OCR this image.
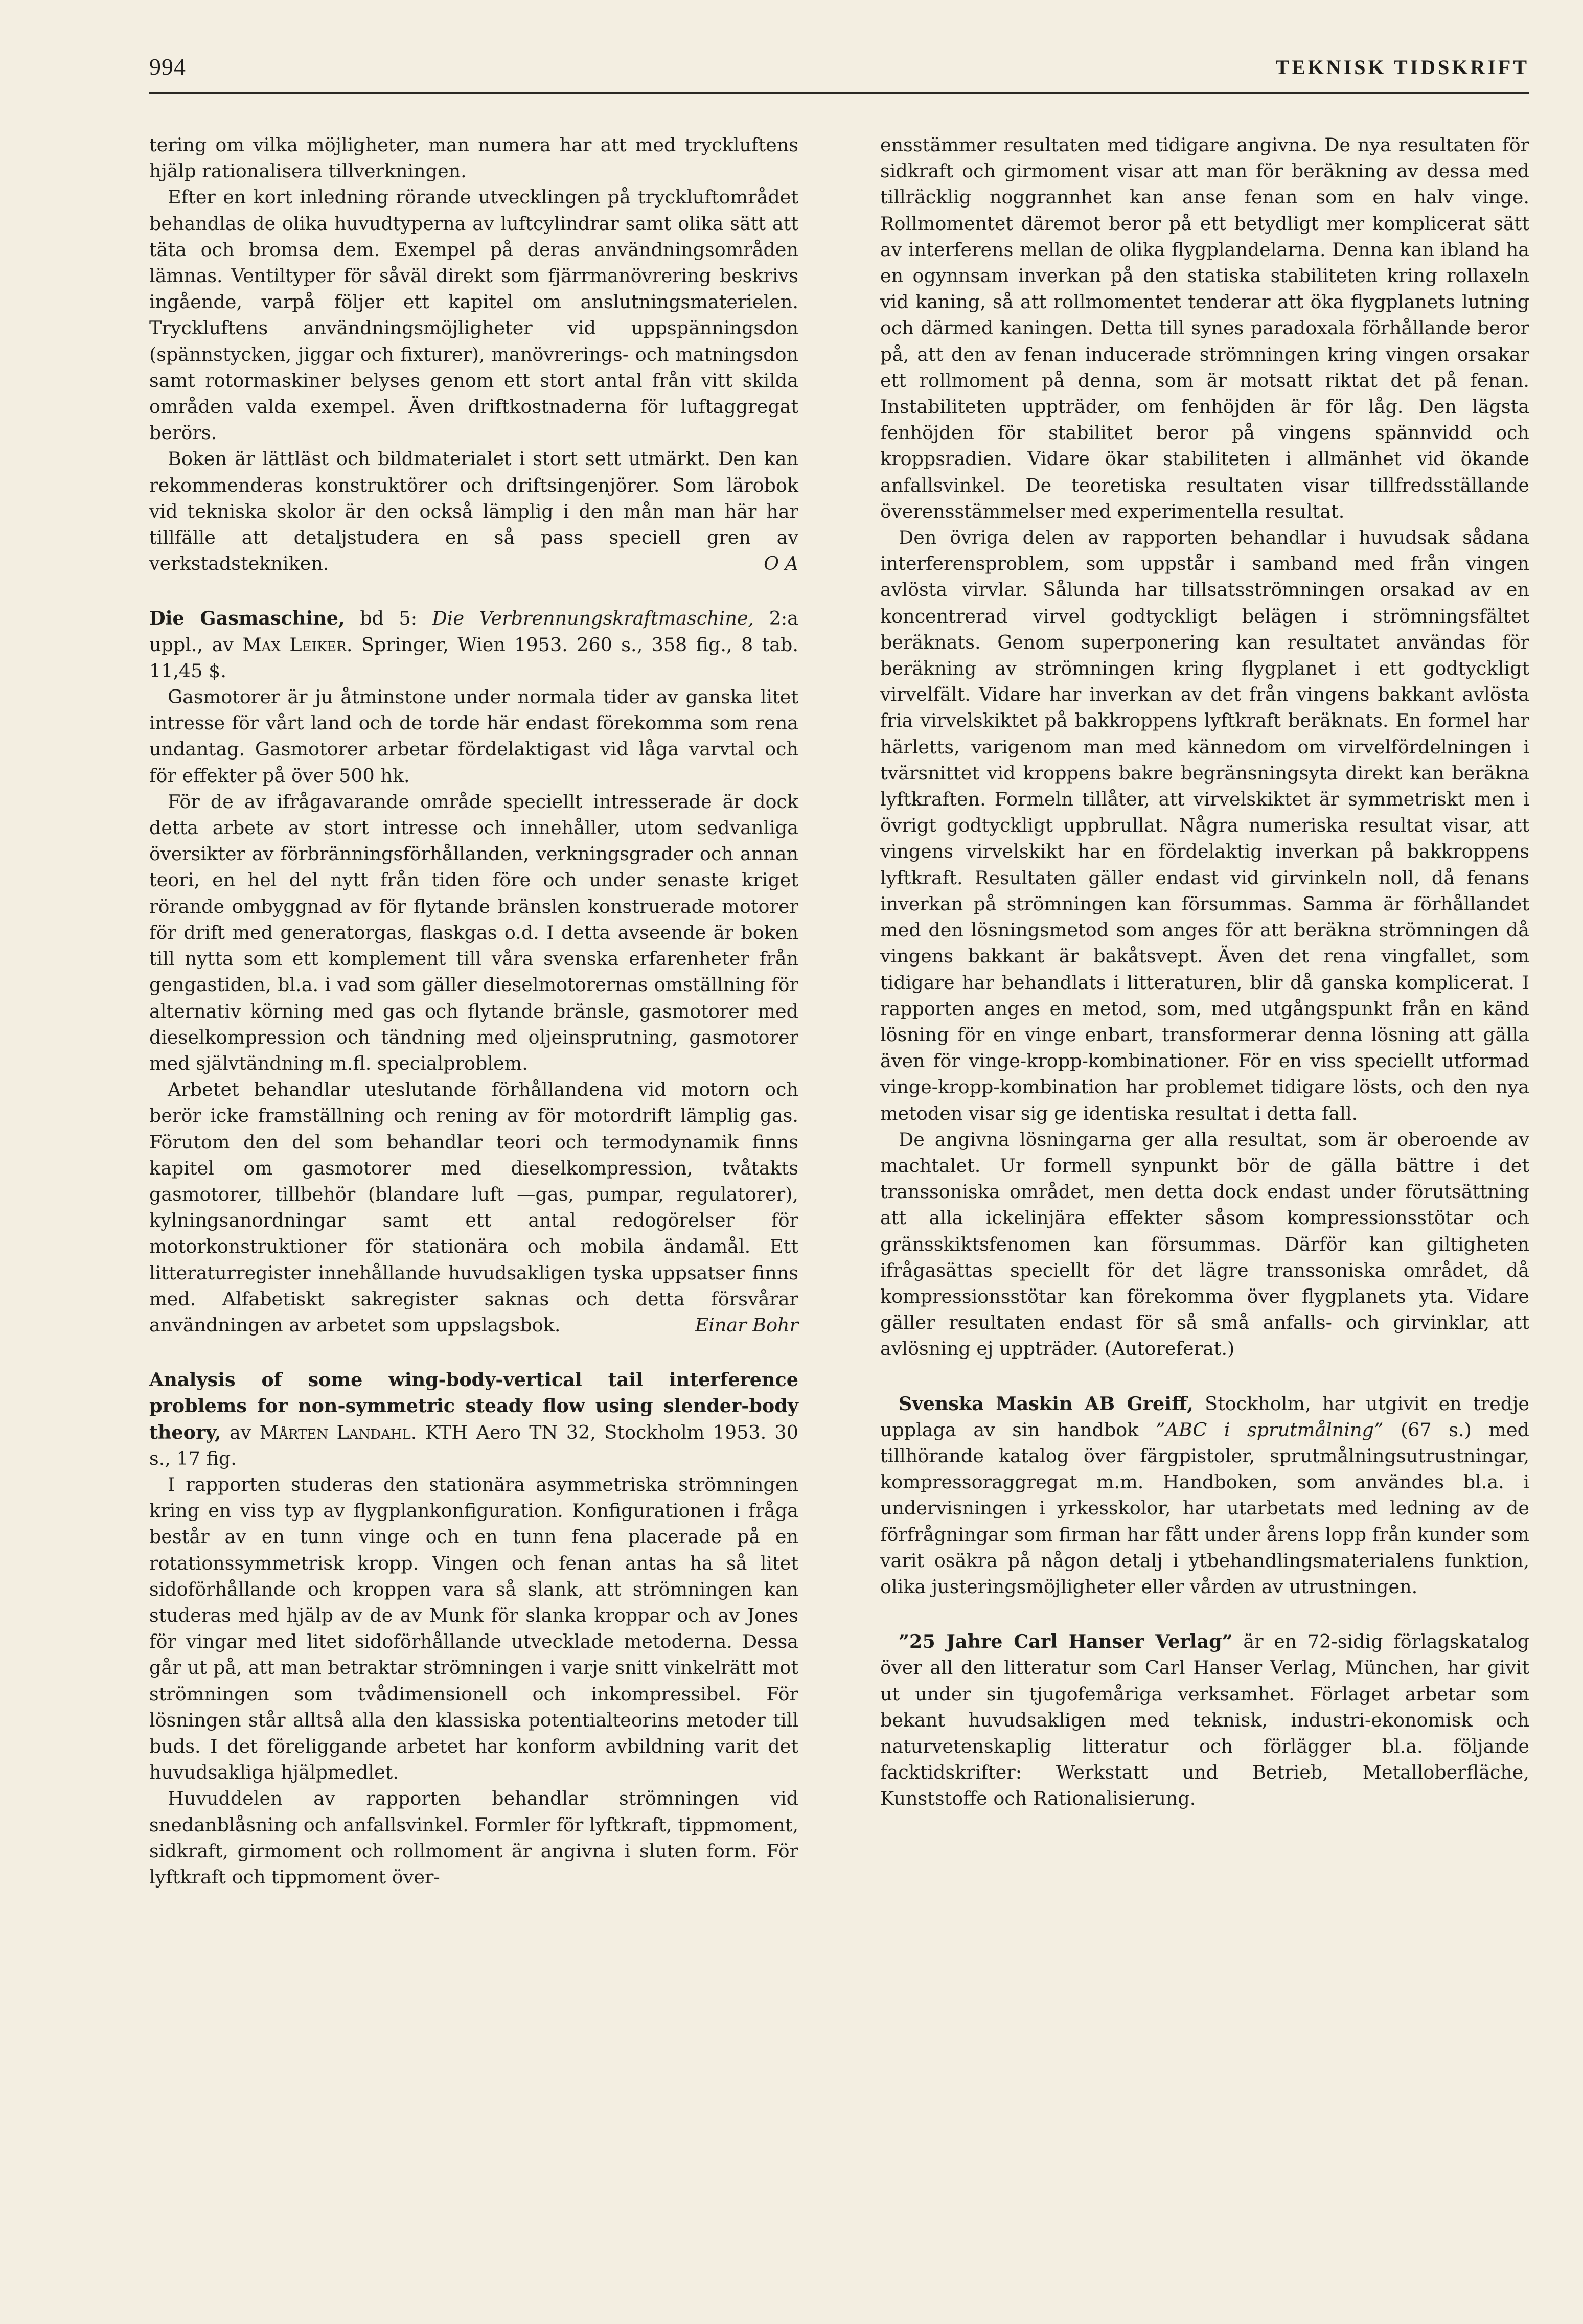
994	TEKNISK TIDSKRIFT

tering om vilka möjligheter, man numera har att med tryckluftens hjälp rationalisera tillverkningen.

Efter en kort inledning rörande utvecklingen på tryckluftområdet behandlas de olika huvudtyperna av luftcylindrar samt olika sätt att täta och bromsa dem. Exempel på deras användningsområden lämnas. Ventiltyper för såväl direkt som fjärrmanövrering beskrivs ingående, varpå följer ett kapitel om anslutningsmaterielen. Tryckluftens användningsmöjligheter vid uppspänningsdon (spännstycken, jiggar och fixturer), manövrerings- och matningsdon samt rotormaskiner belyses genom ett stort antal från vitt skilda områden valda exempel. Även driftkostnaderna för luftaggregat berörs.

Boken är lättläst och bildmaterialet i stort sett utmärkt. Den kan rekommenderas konstruktörer och driftsingenjörer. Som lärobok vid tekniska skolor är den också lämplig i den mån man här har tillfälle att detaljstudera en så pass speciell gren av verkstadstekniken.	O A

Die Gasmaschine, bd 5: Die Verbrennungskraftmaschine, 2:a uppl., av Max Leiker. Springer, Wien 1953. 260 s., 358 fig., 8 tab. 11,45 $.

Gasmotorer är ju åtminstone under normala tider av ganska litet intresse för vårt land och de torde här endast förekomma som rena undantag. Gasmotorer arbetar fördelaktigast vid låga varvtal och för effekter på över 500 hk.

För de av ifrågavarande område speciellt intresserade är dock detta arbete av stort intresse och innehåller, utom sedvanliga översikter av förbränningsförhållanden, verkningsgrader och annan teori, en hel del nytt från tiden före och under senaste kriget rörande ombyggnad av för flytande bränslen konstruerade motorer för drift med generatorgas, flaskgas o.d. I detta avseende är boken till nytta som ett komplement till våra svenska erfarenheter från gengastiden, bl.a. i vad som gäller dieselmotorernas omställning för alternativ körning med gas och flytande bränsle, gasmotorer med dieselkompression och tändning med oljeinsprutning, gasmotorer med självtändning m.fl. specialproblem.

Arbetet behandlar uteslutande förhållandena vid motorn och berör icke framställning och rening av för motordrift lämplig gas. Förutom den del som behandlar teori och termodynamik finns kapitel om gasmotorer med dieselkompression, tvåtakts gasmotorer, tillbehör (blandare luft —gas, pumpar, regulatorer), kylningsanordningar samt ett antal redogörelser för motorkonstruktioner för stationära och mobila ändamål. Ett litteraturregister innehållande huvudsakligen tyska uppsatser finns med. Alfabetiskt sakregister saknas och detta försvårar användningen av arbetet som uppslagsbok.	Einar Bohr

Analysis of some wing-body-vertical tail interference problems for non-symmetric steady flow using slender-body theory, av Mårten Landahl. KTH Aero TN 32, Stockholm 1953. 30 s., 17 fig.

I rapporten studeras den stationära asymmetriska strömningen kring en viss typ av flygplankonfiguration. Konfigurationen i fråga består av en tunn vinge och en tunn fena placerade på en rotationssymmetrisk kropp. Vingen och fenan antas ha så litet sidoförhållande och kroppen vara så slank, att strömningen kan studeras med hjälp av de av Munk för slanka kroppar och av Jones för vingar med litet sidoförhållande utvecklade metoderna. Dessa går ut på, att man betraktar strömningen i varje snitt vinkelrätt mot strömningen som tvådimensionell och inkompressibel. För lösningen står alltså alla den klassiska potentialteorins metoder till buds. I det föreliggande arbetet har konform avbildning varit det huvudsakliga hjälpmedlet.

Huvuddelen av rapporten behandlar strömningen vid snedanblåsning och anfallsvinkel. Formler för lyftkraft, tippmoment, sidkraft, girmoment och rollmoment är angivna i sluten form. För lyftkraft och tippmoment över-

ensstämmer resultaten med tidigare angivna. De nya resultaten för sidkraft och girmoment visar att man för beräkning av dessa med tillräcklig noggrannhet kan anse fenan som en halv vinge. Rollmomentet däremot beror på ett betydligt mer komplicerat sätt av interferens mellan de olika flygplandelarna. Denna kan ibland ha en ogynnsam inverkan på den statiska stabiliteten kring rollaxeln vid kaning, så att rollmomentet tenderar att öka flygplanets lutning och därmed kaningen. Detta till synes paradoxala förhållande beror på, att den av fenan inducerade strömningen kring vingen orsakar ett rollmoment på denna, som är motsatt riktat det på fenan. Instabiliteten uppträder, om fenhöjden är för låg. Den lägsta fenhöjden för stabilitet beror på vingens spännvidd och kroppsradien. Vidare ökar stabiliteten i allmänhet vid ökande anfallsvinkel. De teoretiska resultaten visar tillfredsställande överensstämmelser med experimentella resultat.

Den övriga delen av rapporten behandlar i huvudsak sådana interferensproblem, som uppstår i samband med från vingen avlösta virvlar. Sålunda har tillsatsströmningen orsakad av en koncentrerad virvel godtyckligt belägen i strömningsfältet beräknats. Genom superponering kan resultatet användas för beräkning av strömningen kring flygplanet i ett godtyckligt virvelfält. Vidare har inverkan av det från vingens bakkant avlösta fria virvelskiktet på bakkroppens lyftkraft beräknats. En formel har härletts, varigenom man med kännedom om virvelfördelningen i tvärsnittet vid kroppens bakre begränsningsyta direkt kan beräkna lyftkraften. Formeln tillåter, att virvelskiktet är symmetriskt men i övrigt godtyckligt uppbrullat. Några numeriska resultat visar, att vingens virvelskikt har en fördelaktig inverkan på bakkroppens lyftkraft. Resultaten gäller endast vid girvinkeln noll, då fenans inverkan på strömningen kan försummas. Samma är förhållandet med den lösningsmetod som anges för att beräkna strömningen då vingens bakkant är bakåtsvept. Även det rena vingfallet, som tidigare har behandlats i litteraturen, blir då ganska komplicerat. I rapporten anges en metod, som, med utgångspunkt från en känd lösning för en vinge enbart, transformerar denna lösning att gälla även för vinge-kropp-kombinationer. För en viss speciellt utformad vinge-kropp-kombination har problemet tidigare lösts, och den nya metoden visar sig ge identiska resultat i detta fall.

De angivna lösningarna ger alla resultat, som är oberoende av machtalet. Ur formell synpunkt bör de gälla bättre i det transsoniska området, men detta dock endast under förutsättning att alla ickelinjära effekter såsom kompressionsstötar och gränsskiktsfenomen kan försummas. Därför kan giltigheten ifrågasättas speciellt för det lägre transsoniska området, då kompressionsstötar kan förekomma över flygplanets yta. Vidare gäller resultaten endast för så små anfalls- och girvinklar, att avlösning ej uppträder. (Autoreferat.)

Svenska Maskin AB Greiff, Stockholm, har utgivit en tredje upplaga av sin handbok ”ABC i sprutmålning” (67 s.) med tillhörande katalog över färgpistoler, sprutmålningsutrustningar, kompressoraggregat m.m. Handboken, som användes bl.a. i undervisningen i yrkesskolor, har utarbetats med ledning av de förfrågningar som firman har fått under årens lopp från kunder som varit osäkra på någon detalj i ytbehandlingsmaterialens funktion, olika justeringsmöjligheter eller vården av utrustningen.

”25 Jahre Carl Hanser Verlag” är en 72-sidig förlagskatalog över all den litteratur som Carl Hanser Verlag, München, har givit ut under sin tjugofemåriga verksamhet. Förlaget arbetar som bekant huvudsakligen med teknisk, industri-ekonomisk och naturvetenskaplig litteratur och förlägger bl.a. följande facktidskrifter: Werkstatt und Betrieb, Metalloberfläche, Kunststoffe och Rationalisierung.
